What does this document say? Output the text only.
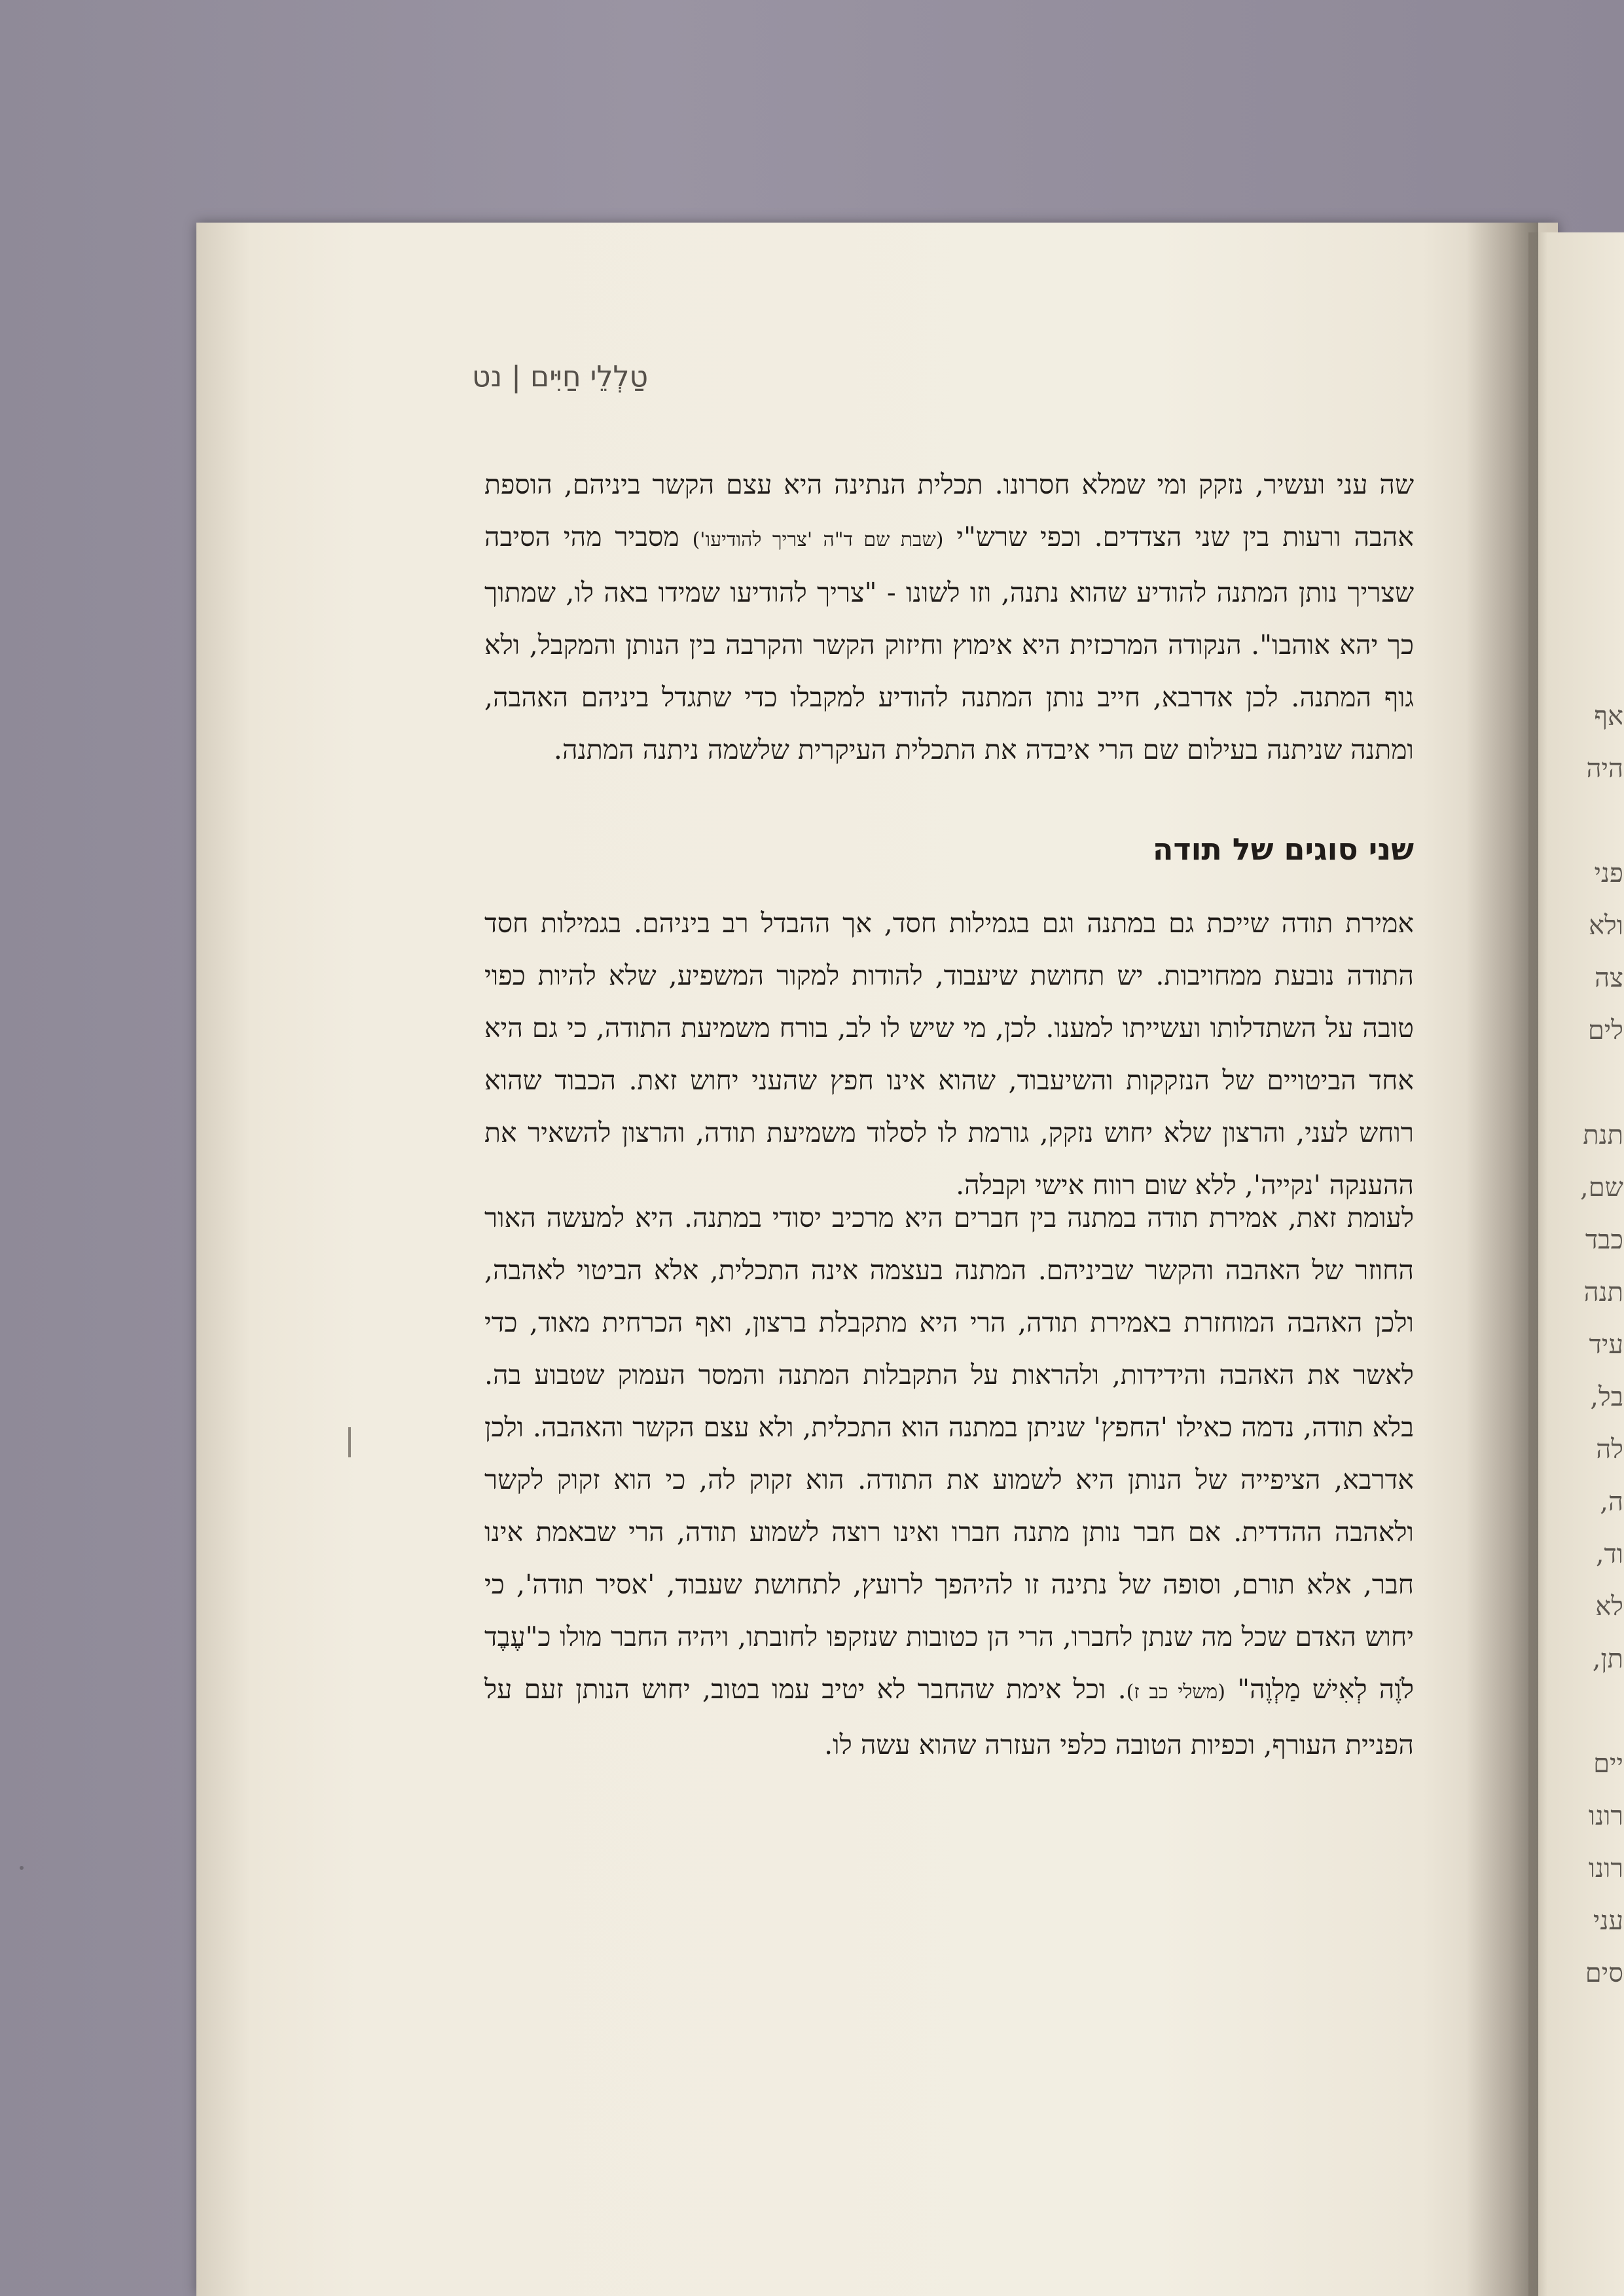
אף
היה
פני
ולא
צה
לים
תנת
שם,
כבד
תנה
עיד
בל,
לה
ה,
וד,
לא
תן,
יים
רונו
רונו
עני
סים
טַלְלֵי חַיִּים | נט

שה עני ועשיר, נזקק ומי שמלא חסרונו. תכלית הנתינה היא עצם הקשר ביניהם, הוספת אהבה ורעות בין שני הצדדים. וכפי שרש"י (שבת שם ד"ה 'צריך להודיעו') מסביר מהי הסיבה שצריך נותן המתנה להודיע שהוא נתנה, וזו לשונו - "צריך להודיעו שמידו באה לו, שמתוך כך יהא אוהבו". הנקודה המרכזית היא אימוץ וחיזוק הקשר והקרבה בין הנותן והמקבל, ולא גוף המתנה. לכן אדרבא, חייב נותן המתנה להודיע למקבלו כדי שתגדל ביניהם האהבה, ומתנה שניתנה בעילום שם הרי איבדה את התכלית העיקרית שלשמה ניתנה המתנה.

שני סוגים של תודה

אמירת תודה שייכת גם במתנה וגם בגמילות חסד, אך ההבדל רב ביניהם. בגמילות חסד התודה נובעת ממחויבות. יש תחושת שיעבוד, להודות למקור המשפיע, שלא להיות כפוי טובה על השתדלותו ועשייתו למענו. לכן, מי שיש לו לב, בורח משמיעת התודה, כי גם היא אחד הביטויים של הנזקקות והשיעבוד, שהוא אינו חפץ שהעני יחוש זאת. הכבוד שהוא רוחש לעני, והרצון שלא יחוש נזקק, גורמת לו לסלוד משמיעת תודה, והרצון להשאיר את ההענקה 'נקייה', ללא שום רווח אישי וקבלה.

לעומת זאת, אמירת תודה במתנה בין חברים היא מרכיב יסודי במתנה. היא למעשה האור החוזר של האהבה והקשר שביניהם. המתנה בעצמה אינה התכלית, אלא הביטוי לאהבה, ולכן האהבה המוחזרת באמירת תודה, הרי היא מתקבלת ברצון, ואף הכרחית מאוד, כדי לאשר את האהבה והידידות, ולהראות על התקבלות המתנה והמסר העמוק שטבוע בה. בלא תודה, נדמה כאילו 'החפץ' שניתן במתנה הוא התכלית, ולא עצם הקשר והאהבה. ולכן אדרבא, הציפייה של הנותן היא לשמוע את התודה. הוא זקוק לה, כי הוא זקוק לקשר ולאהבה ההדדית. אם חבר נותן מתנה חברו ואינו רוצה לשמוע תודה, הרי שבאמת אינו חבר, אלא תורם, וסופה של נתינה זו להיהפך לרועץ, לתחושת שעבוד, 'אסיר תודה', כי יחוש האדם שכל מה שנתן לחברו, הרי הן כטובות שנזקפו לחובתו, ויהיה החבר מולו כ"עֶבֶד לֹוֶה לְאִישׁ מַלְוֶה" (משלי כב ז). וכל אימת שהחבר לא יטיב עמו בטוב, יחוש הנותן זעם על הפניית העורף, וכפיות הטובה כלפי העזרה שהוא עשה לו.
